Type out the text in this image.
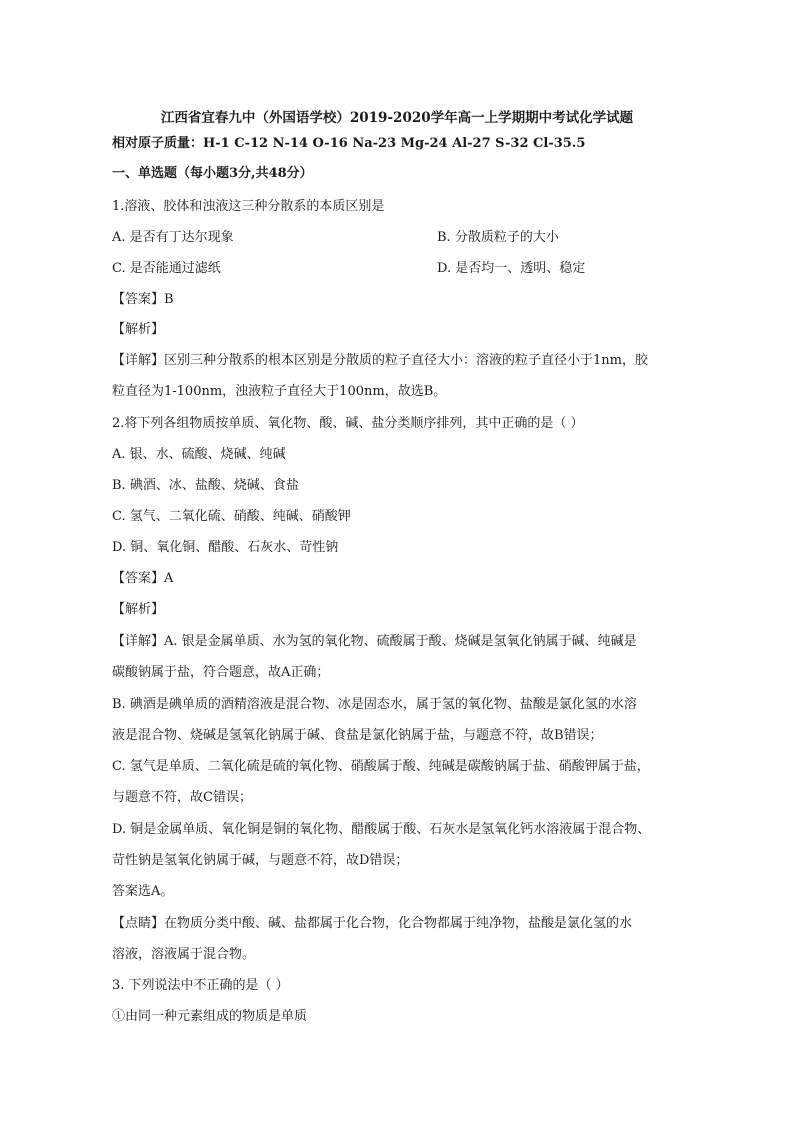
江西省宜春九中（外国语学校）2019-2020学年高一上学期期中考试化学试题
相对原子质量：H-1 C-12 N-14 O-16 Na-23 Mg-24 Al-27 S-32 Cl-35.5
一、单选题（每小题3分,共48分）
1.溶液、胶体和浊液这三种分散系的本质区别是
A. 是否有丁达尔现象	B. 分散质粒子的大小
C. 是否能通过滤纸	D. 是否均一、透明、稳定
【答案】B
【解析】
【详解】区别三种分散系的根本区别是分散质的粒子直径大小：溶液的粒子直径小于1nm，胶
粒直径为1-100nm，浊液粒子直径大于100nm，故选B。
2.将下列各组物质按单质、氧化物、酸、碱、盐分类顺序排列，其中正确的是（ ）
A. 银、水、硫酸、烧碱、纯碱
B. 碘酒、冰、盐酸、烧碱、食盐
C. 氢气、二氧化硫、硝酸、纯碱、硝酸钾
D. 铜、氧化铜、醋酸、石灰水、苛性钠
【答案】A
【解析】
【详解】A. 银是金属单质、水为氢的氧化物、硫酸属于酸、烧碱是氢氧化钠属于碱、纯碱是
碳酸钠属于盐，符合题意，故A正确；
B. 碘酒是碘单质的酒精溶液是混合物、冰是固态水，属于氢的氧化物、盐酸是氯化氢的水溶
液是混合物、烧碱是氢氧化钠属于碱、食盐是氯化钠属于盐，与题意不符，故B错误；
C. 氢气是单质、二氧化硫是硫的氧化物、硝酸属于酸、纯碱是碳酸钠属于盐、硝酸钾属于盐，
与题意不符，故C错误；
D. 铜是金属单质、氧化铜是铜的氧化物、醋酸属于酸、石灰水是氢氧化钙水溶液属于混合物、
苛性钠是氢氧化钠属于碱，与题意不符，故D错误；
答案选A。
【点睛】在物质分类中酸、碱、盐都属于化合物，化合物都属于纯净物，盐酸是氯化氢的水
溶液，溶液属于混合物。
3. 下列说法中不正确的是（ ）
①由同一种元素组成的物质是单质
